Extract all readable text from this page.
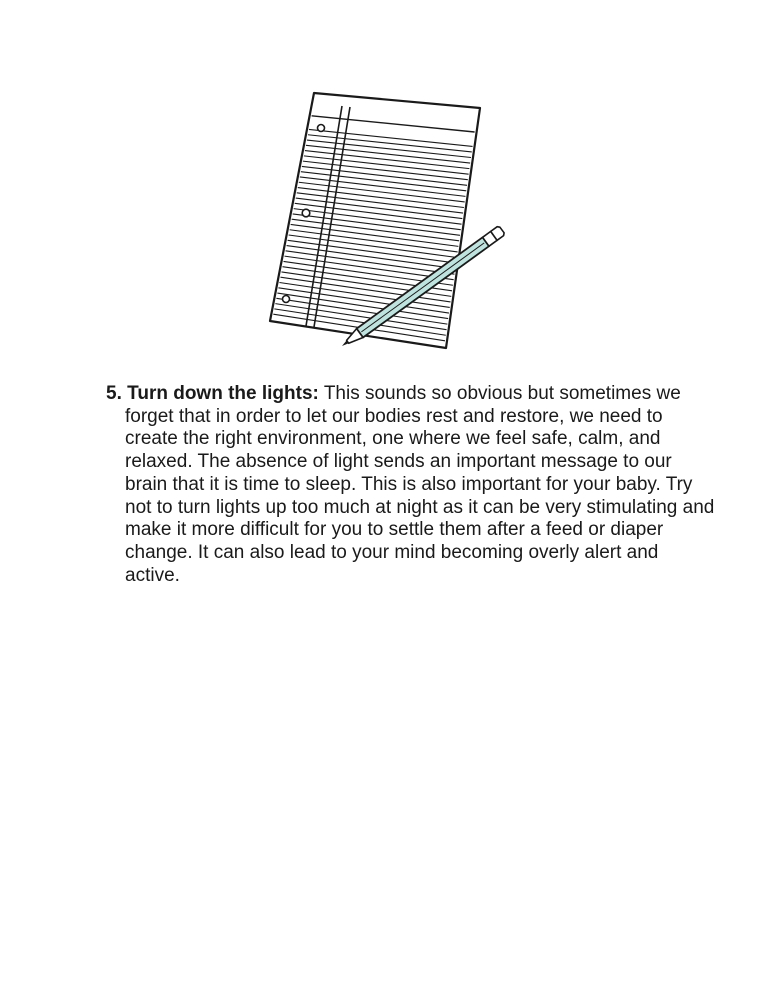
5. Turn down the lights: This sounds so obvious but sometimes we forget that in order to let our bodies rest and restore, we need to create the right environment, one where we feel safe, calm, and relaxed. The absence of light sends an important message to our brain that it is time to sleep. This is also important for your baby. Try not to turn lights up too much at night as it can be very stimulating and make it more difficult for you to settle them after a feed or diaper change. It can also lead to your mind becoming overly alert and active.
